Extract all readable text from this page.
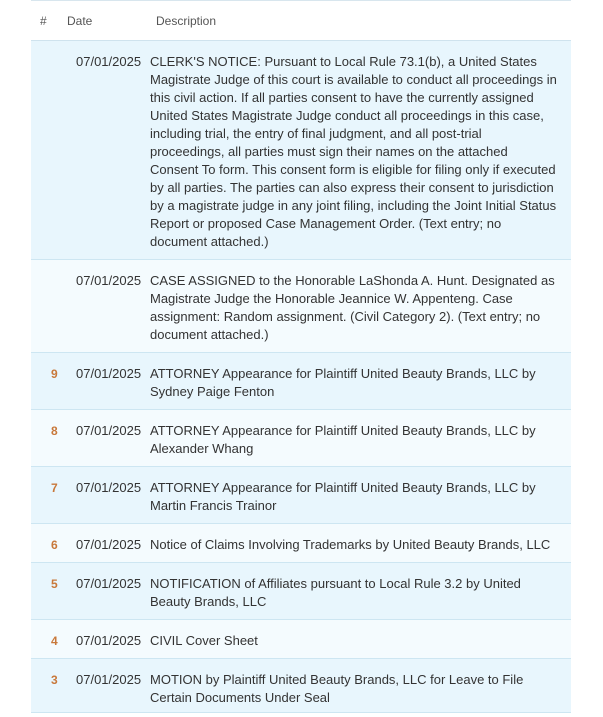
# Date	Description
07/01/2025 CLERK'S NOTICE: Pursuant to Local Rule 73.1(b), a United States Magistrate Judge of this court is available to conduct all proceedings in this civil action. If all parties consent to have the currently assigned United States Magistrate Judge conduct all proceedings in this case, including trial, the entry of final judgment, and all post-trial proceedings, all parties must sign their names on the attached Consent To form. This consent form is eligible for filing only if executed by all parties. The parties can also express their consent to jurisdiction by a magistrate judge in any joint filing, including the Joint Initial Status Report or proposed Case Management Order. (Text entry; no document attached.)
07/01/2025 CASE ASSIGNED to the Honorable LaShonda A. Hunt. Designated as Magistrate Judge the Honorable Jeannice W. Appenteng. Case assignment: Random assignment. (Civil Category 2). (Text entry; no document attached.)
9 07/01/2025 ATTORNEY Appearance for Plaintiff United Beauty Brands, LLC by Sydney Paige Fenton
8 07/01/2025 ATTORNEY Appearance for Plaintiff United Beauty Brands, LLC by Alexander Whang
7 07/01/2025 ATTORNEY Appearance for Plaintiff United Beauty Brands, LLC by Martin Francis Trainor
6 07/01/2025 Notice of Claims Involving Trademarks by United Beauty Brands, LLC
5 07/01/2025 NOTIFICATION of Affiliates pursuant to Local Rule 3.2 by United Beauty Brands, LLC
4 07/01/2025 CIVIL Cover Sheet
3 07/01/2025 MOTION by Plaintiff United Beauty Brands, LLC for Leave to File Certain Documents Under Seal
